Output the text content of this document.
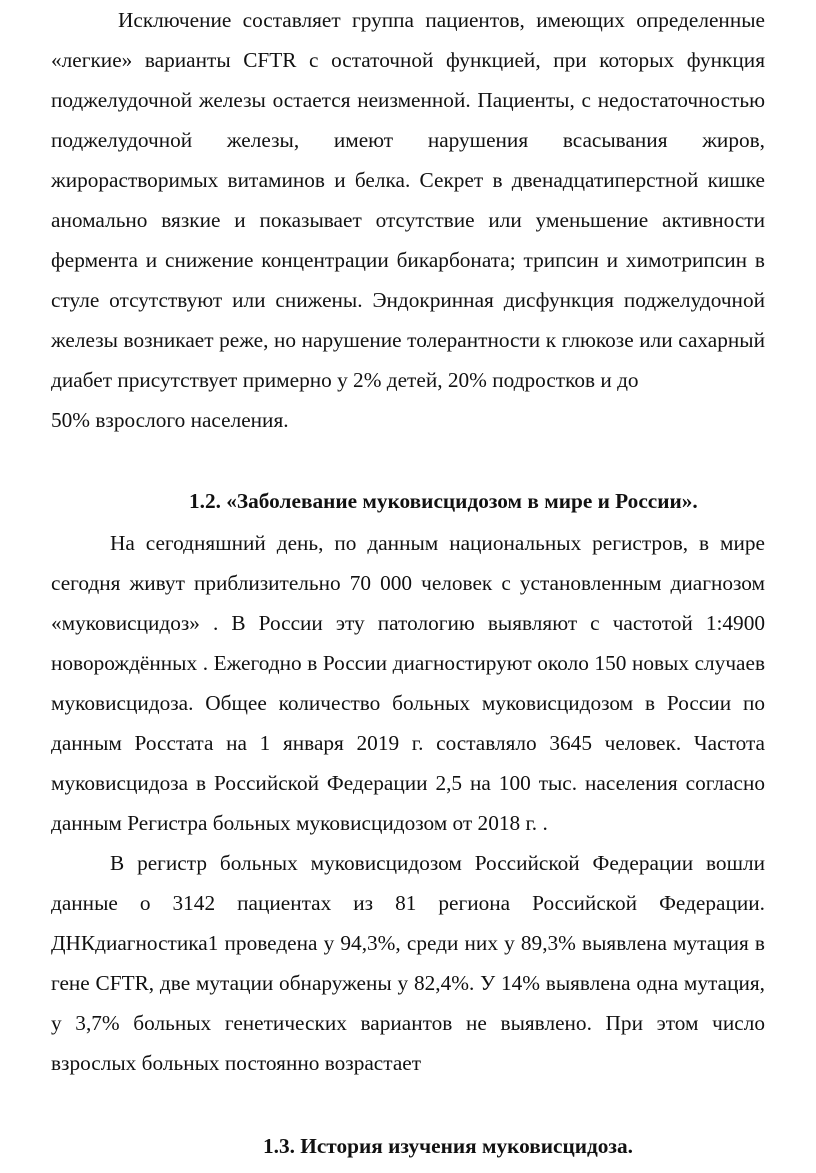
Исключение составляет группа пациентов, имеющих определенные
«легкие» варианты CFTR с остаточной функцией, при которых функция
поджелудочной железы остается неизменной. Пациенты, с недостаточностью
поджелудочной железы, имеют нарушения всасывания жиров,
жирорастворимых витаминов и белка. Секрет в двенадцатиперстной кишке
аномально вязкие и показывает отсутствие или уменьшение активности
фермента и снижение концентрации бикарбоната; трипсин и химотрипсин в
стуле отсутствуют или снижены. Эндокринная дисфункция поджелудочной
железы возникает реже, но нарушение толерантности к глюкозе или сахарный
диабет присутствует примерно у 2% детей, 20% подростков и до
50% взрослого населения.
1.2. «Заболевание муковисцидозом в мире и России».
На сегодняшний день, по данным национальных регистров, в мире
сегодня живут приблизительно 70 000 человек с установленным диагнозом
«муковисцидоз» . В России эту патологию выявляют с частотой 1:4900
новорождённых . Ежегодно в России диагностируют около 150 новых случаев
муковисцидоза. Общее количество больных муковисцидозом в России по
данным Росстата на 1 января 2019 г. составляло 3645 человек. Частота
муковисцидоза в Российской Федерации 2,5 на 100 тыс. населения согласно
данным Регистра больных муковисцидозом от 2018 г. .
В регистр больных муковисцидозом Российской Федерации вошли
данные о 3142 пациентах из 81 региона Российской Федерации.
ДНКдиагностика1 проведена у 94,3%, среди них у 89,3% выявлена мутация в
гене CFTR, две мутации обнаружены у 82,4%. У 14% выявлена одна мутация,
у 3,7% больных генетических вариантов не выявлено. При этом число
взрослых больных постоянно возрастает
1.3. История изучения муковисцидоза.
